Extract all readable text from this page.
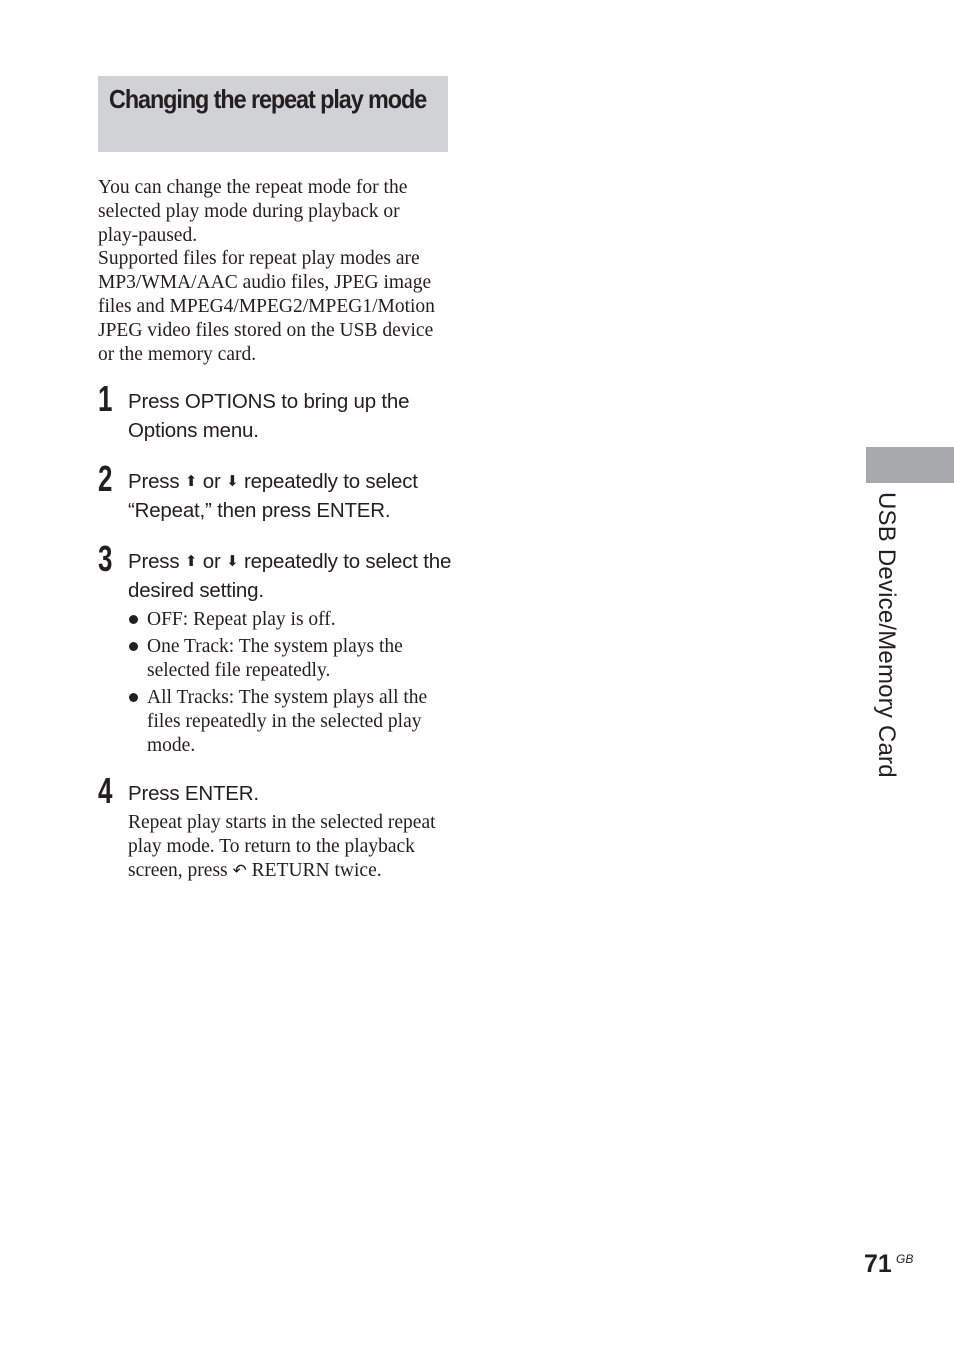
Changing the repeat play mode

You can change the repeat mode for the selected play mode during playback or play-paused.

Supported files for repeat play modes are MP3/WMA/AAC audio files, JPEG image files and MPEG4/MPEG2/MPEG1/Motion JPEG video files stored on the USB device or the memory card.

1 Press OPTIONS to bring up the Options menu.
2 Press ⬆ or ⬇ repeatedly to select “Repeat,” then press ENTER.
3 Press ⬆ or ⬇ repeatedly to select the desired setting.
OFF: Repeat play is off.
One Track: The system plays the selected file repeatedly.
All Tracks: The system plays all the files repeatedly in the selected play mode.
4 Press ENTER.
Repeat play starts in the selected repeat play mode. To return to the playback screen, press ↶ RETURN twice.
USB Device/Memory Card
71 GB
